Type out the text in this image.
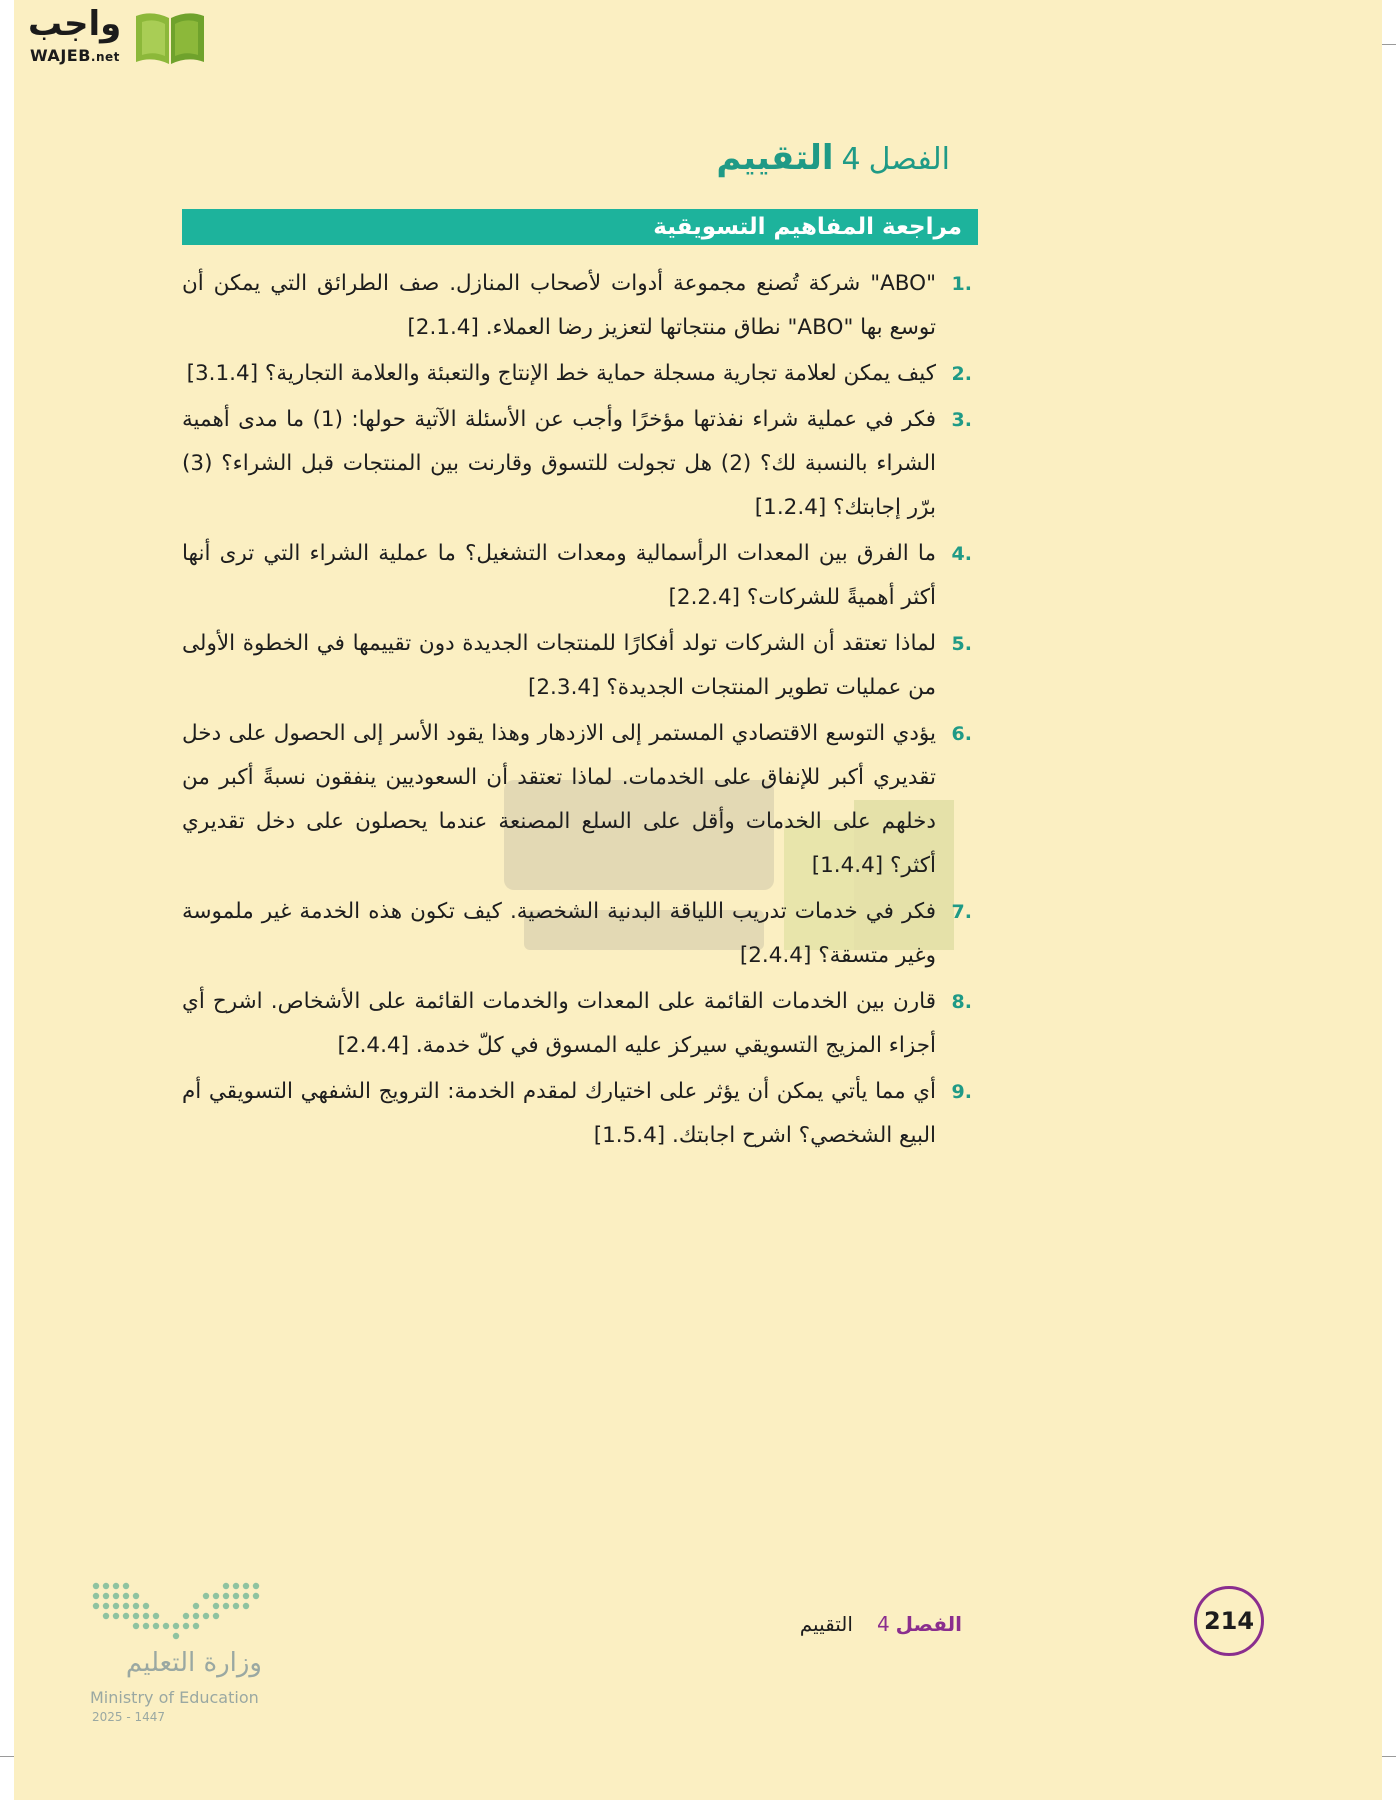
واجب
WAJEB.net
الفصل4التقييم
مراجعة المفاهيم التسويقية
.1
"ABO" شركة تُصنع مجموعة أدوات لأصحاب المنازل. صف الطرائق التي يمكن أن توسع بها "ABO" نطاق منتجاتها لتعزيز رضا العملاء. [2.1.4]
.2
كيف يمكن لعلامة تجارية مسجلة حماية خط الإنتاج والتعبئة والعلامة التجارية؟ [3.1.4]
.3
فكر في عملية شراء نفذتها مؤخرًا وأجب عن الأسئلة الآتية حولها: (1) ما مدى أهمية الشراء بالنسبة لك؟ (2) هل تجولت للتسوق وقارنت بين المنتجات قبل الشراء؟ (3) برّر إجابتك؟ [1.2.4]
.4
ما الفرق بين المعدات الرأسمالية ومعدات التشغيل؟ ما عملية الشراء التي ترى أنها أكثر أهميةً للشركات؟ [2.2.4]
.5
لماذا تعتقد أن الشركات تولد أفكارًا للمنتجات الجديدة دون تقييمها في الخطوة الأولى من عمليات تطوير المنتجات الجديدة؟ [2.3.4]
.6
يؤدي التوسع الاقتصادي المستمر إلى الازدهار وهذا يقود الأسر إلى الحصول على دخل تقديري أكبر للإنفاق على الخدمات. لماذا تعتقد أن السعوديين ينفقون نسبةً أكبر من دخلهم على الخدمات وأقل على السلع المصنعة عندما يحصلون على دخل تقديري أكثر؟ [1.4.4]
.7
فكر في خدمات تدريب اللياقة البدنية الشخصية. كيف تكون هذه الخدمة غير ملموسة وغير متسقة؟ [2.4.4]
.8
قارن بين الخدمات القائمة على المعدات والخدمات القائمة على الأشخاص. اشرح أي أجزاء المزيج التسويقي سيركز عليه المسوق في كلّ خدمة. [2.4.4]
.9
أي مما يأتي يمكن أن يؤثر على اختيارك لمقدم الخدمة: الترويج الشفهي التسويقي أم البيع الشخصي؟ اشرح اجابتك. [1.5.4]
وزارة التعليم
Ministry of Education
2025 - 1447
الفصل4التقييم	214
